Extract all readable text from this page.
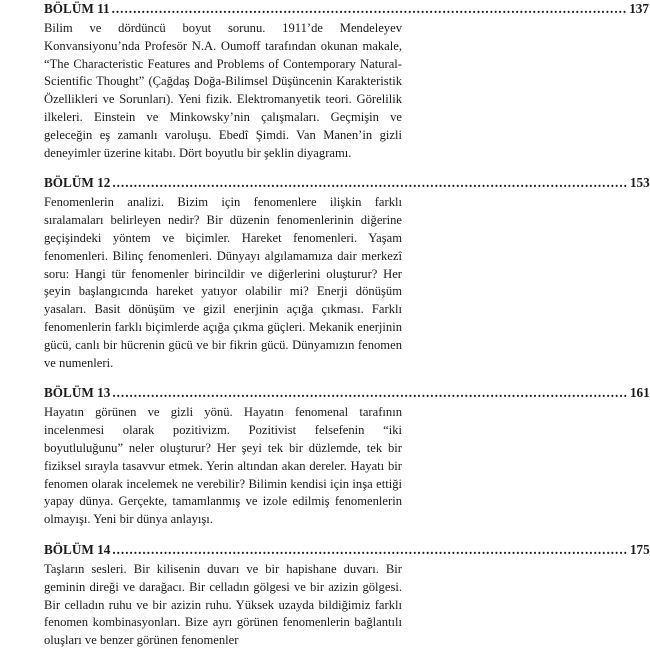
BÖLÜM 11 ........................................................................................................................ 137

Bilim ve dördüncü boyut sorunu. 1911’de Mendeleyev Konvansiyonu’nda Profesör N.A. Oumoff tarafından okunan makale, “The Characteristic Features and Problems of Contemporary Natural-Scientific Thought” (Çağdaş Doğa-Bilimsel Düşüncenin Karakteristik Özellikleri ve Sorunları). Yeni fizik. Elektromanyetik teori. Görelilik ilkeleri. Einstein ve Minkowsky’nin çalışmaları. Geçmişin ve geleceğin eş zamanlı varoluşu. Ebedî Şimdi. Van Manen’in gizli deneyimler üzerine kitabı. Dört boyutlu bir şeklin diyagramı.

BÖLÜM 12 ........................................................................................................................ 153

Fenomenlerin analizi. Bizim için fenomenlere ilişkin farklı sıralamaları belirleyen nedir? Bir düzenin fenomenlerinin diğerine geçişindeki yöntem ve biçimler. Hareket fenomenleri. Yaşam fenomenleri. Bilinç fenomenleri. Dünyayı algılamamıza dair merkezî soru: Hangi tür fenomenler birincildir ve diğerlerini oluşturur? Her şeyin başlangıcında hareket yatıyor olabilir mi? Enerji dönüşüm yasaları. Basit dönüşüm ve gizil enerjinin açığa çıkması. Farklı fenomenlerin farklı biçimlerde açığa çıkma güçleri. Mekanik enerjinin gücü, canlı bir hücrenin gücü ve bir fikrin gücü. Dünyamızın fenomen ve numenleri.

BÖLÜM 13 ........................................................................................................................ 161

Hayatın görünen ve gizli yönü. Hayatın fenomenal tarafının incelenmesi olarak pozitivizm. Pozitivist felsefenin “iki boyutluluğunu” neler oluşturur? Her şeyi tek bir düzlemde, tek bir fiziksel sırayla tasavvur etmek. Yerin altından akan dereler. Hayatı bir fenomen olarak incelemek ne verebilir? Bilimin kendisi için inşa ettiği yapay dünya. Gerçekte, tamamlanmış ve izole edilmiş fenomenlerin olmayışı. Yeni bir dünya anlayışı.

BÖLÜM 14 ........................................................................................................................ 175

Taşların sesleri. Bir kilisenin duvarı ve bir hapishane duvarı. Bir geminin direği ve darağacı. Bir celladın gölgesi ve bir azizin gölgesi. Bir celladın ruhu ve bir azizin ruhu. Yüksek uzayda bildiğimiz farklı fenomen kombinasyonları. Bize ayrı görünen fenomenlerin bağlantılı oluşları ve benzer görünen fenomenler
